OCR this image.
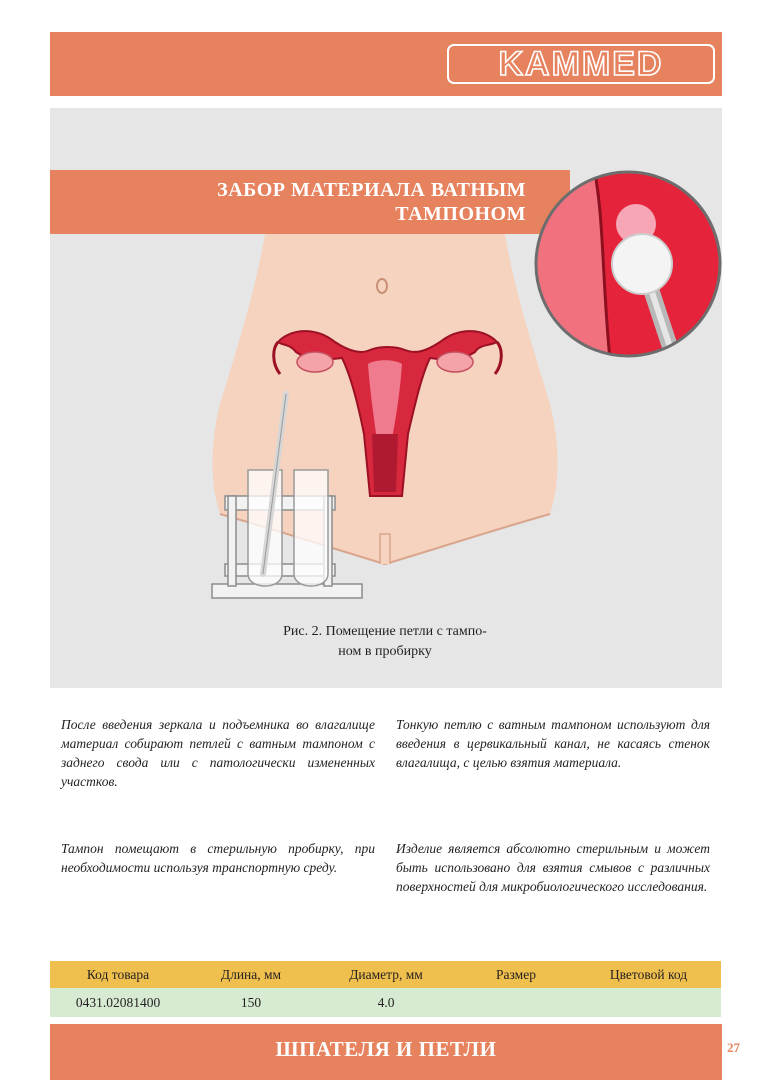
KAMMED
ЗАБОР МАТЕРИАЛА ВАТНЫМ
ТАМПОНОМ
Рис. 2. Помещение петли с тампо-
ном в пробирку
После введения зеркала и подъемника во влагалище материал собирают петлей с ватным тампоном с заднего свода или с патологически измененных участков.
Тонкую петлю с ватным тампоном используют для введения в цервикальный канал, не касаясь стенок влагалища, с целью взятия материала.
Тампон помещают в стерильную пробирку, при необходимости используя транспортную среду.
Изделие является абсолютно стерильным и может быть использовано для взятия смывов с различных поверхностей для микробиологического исследования.
Код товара	Длина, мм	Диаметр, мм	Размер	Цветовой код
0431.02081400	150	4.0		
ШПАТЕЛЯ И ПЕТЛИ	27
